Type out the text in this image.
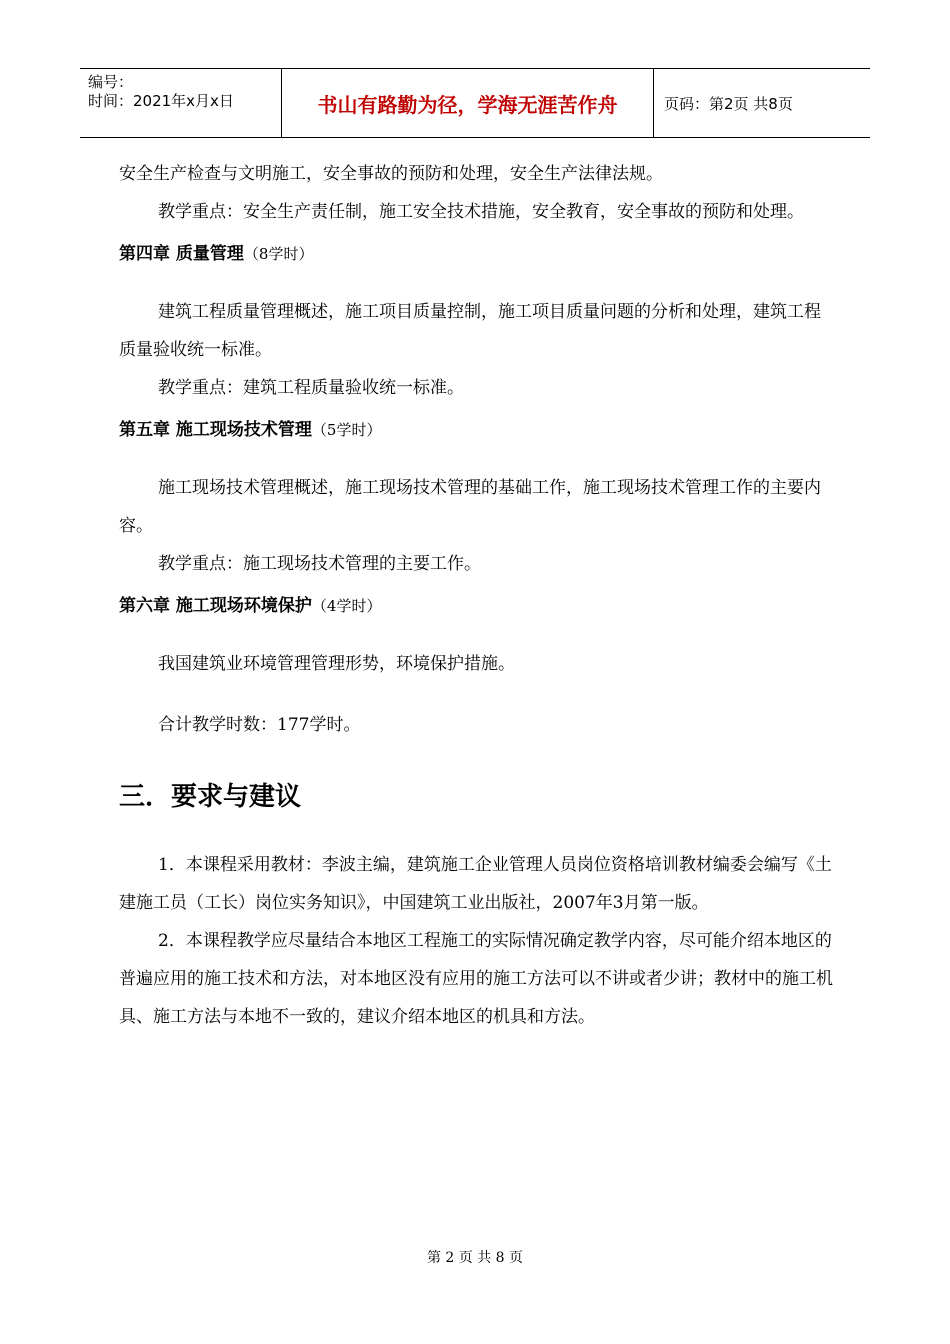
编号：
时间：2021年x月x日	书山有路勤为径，学海无涯苦作舟	页码：第2页 共8页

安全生产检查与文明施工，安全事故的预防和处理，安全生产法律法规。

教学重点：安全生产责任制，施工安全技术措施，安全教育，安全事故的预防和处理。

第四章 质量管理（8学时）

建筑工程质量管理概述，施工项目质量控制，施工项目质量问题的分析和处理，建筑工程质量验收统一标准。

教学重点：建筑工程质量验收统一标准。

第五章 施工现场技术管理（5学时）

施工现场技术管理概述，施工现场技术管理的基础工作，施工现场技术管理工作的主要内容。

教学重点：施工现场技术管理的主要工作。

第六章 施工现场环境保护（4学时）

我国建筑业环境管理管理形势，环境保护措施。

合计教学时数：177学时。

三．要求与建议

1．本课程采用教材：李波主编，建筑施工企业管理人员岗位资格培训教材编委会编写《土建施工员（工长）岗位实务知识》，中国建筑工业出版社，2007年3月第一版。

2．本课程教学应尽量结合本地区工程施工的实际情况确定教学内容，尽可能介绍本地区的普遍应用的施工技术和方法，对本地区没有应用的施工方法可以不讲或者少讲；教材中的施工机具、施工方法与本地不一致的，建议介绍本地区的机具和方法。

第 2 页 共 8 页
